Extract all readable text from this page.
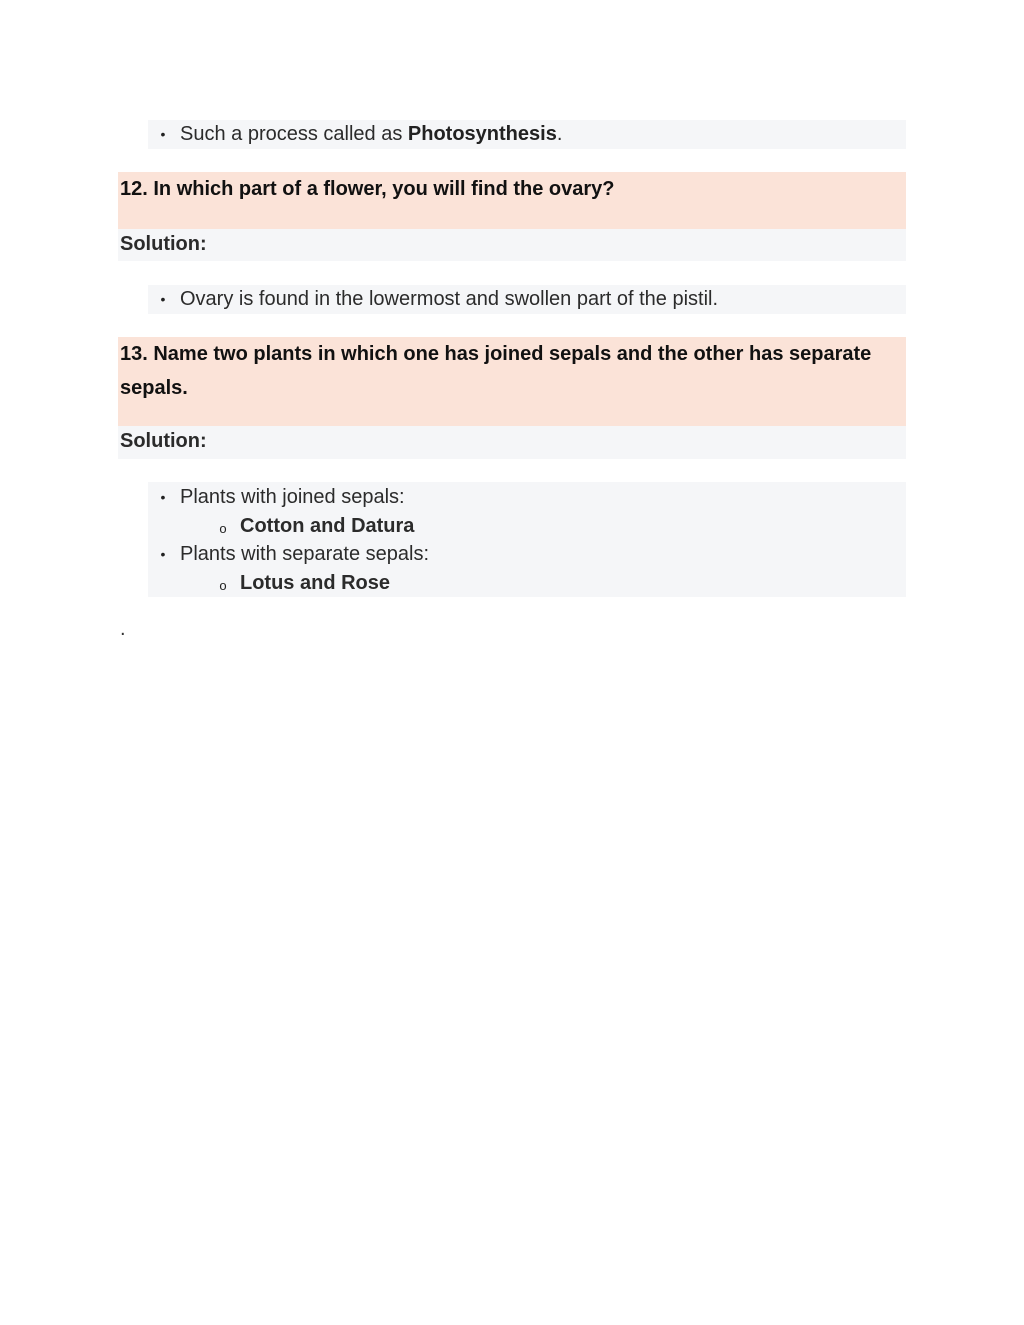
• Such a process called as Photosynthesis.
12. In which part of a flower, you will find the ovary?
Solution:
• Ovary is found in the lowermost and swollen part of the pistil.
13. Name two plants in which one has joined sepals and the other has separate sepals.
Solution:
• Plants with joined sepals:
o Cotton and Datura
• Plants with separate sepals:
o Lotus and Rose
.
